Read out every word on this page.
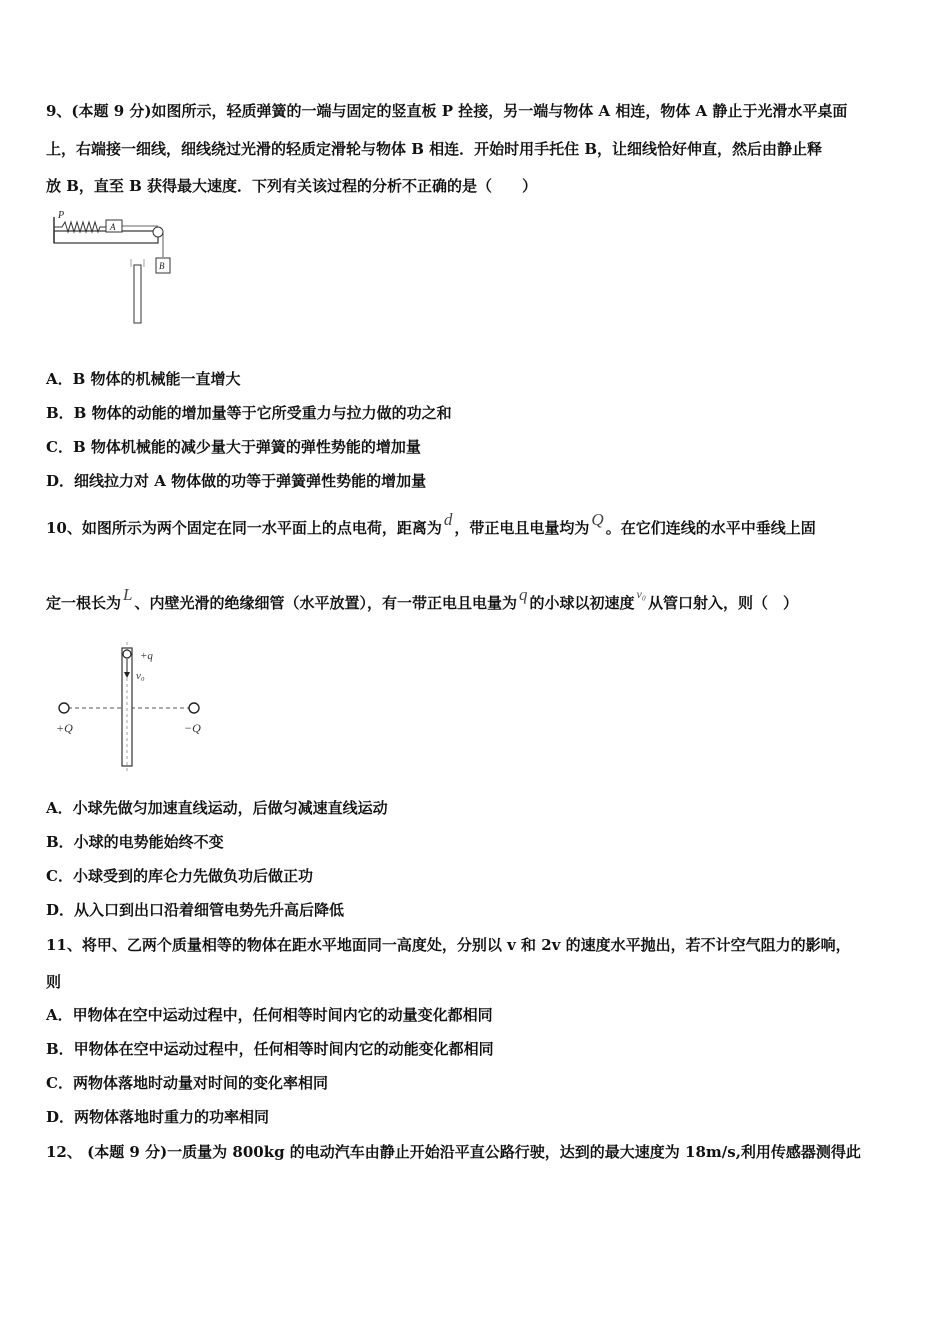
9、(本题 9 分)如图所示，轻质弹簧的一端与固定的竖直板 P 拴接，另一端与物体 A 相连，物体 A 静止于光滑水平桌面
上，右端接一细线，细线绕过光滑的轻质定滑轮与物体 B 相连．开始时用手托住 B，让细线恰好伸直，然后由静止释
放 B，直至 B 获得最大速度．下列有关该过程的分析不正确的是（　　）
P
A
B
A．B 物体的机械能一直增大
B．B 物体的动能的增加量等于它所受重力与拉力做的功之和
C．B 物体机械能的减少量大于弹簧的弹性势能的增加量
D．细线拉力对 A 物体做的功等于弹簧弹性势能的增加量
10、如图所示为两个固定在同一水平面上的点电荷，距离为 d ，带正电且电量均为 Q 。在它们连线的水平中垂线上固
定一根长为 L 、内壁光滑的绝缘细管（水平放置），有一带正电且电量为 q 的小球以初速度 $^{v_0}$ 从管口射入，则（　）
+q
v₀
+Q	−Q
A．小球先做匀加速直线运动，后做匀减速直线运动
B．小球的电势能始终不变
C．小球受到的库仑力先做负功后做正功
D．从入口到出口沿着细管电势先升高后降低
11、将甲、乙两个质量相等的物体在距水平地面同一高度处，分别以 v 和 2v 的速度水平抛出，若不计空气阻力的影响，
则
A．甲物体在空中运动过程中，任何相等时间内它的动量变化都相同
B．甲物体在空中运动过程中，任何相等时间内它的动能变化都相同
C．两物体落地时动量对时间的变化率相同
D．两物体落地时重力的功率相同
12、 (本题 9 分)一质量为 800kg 的电动汽车由静止开始沿平直公路行驶，达到的最大速度为 18m/s,利用传感器测得此
